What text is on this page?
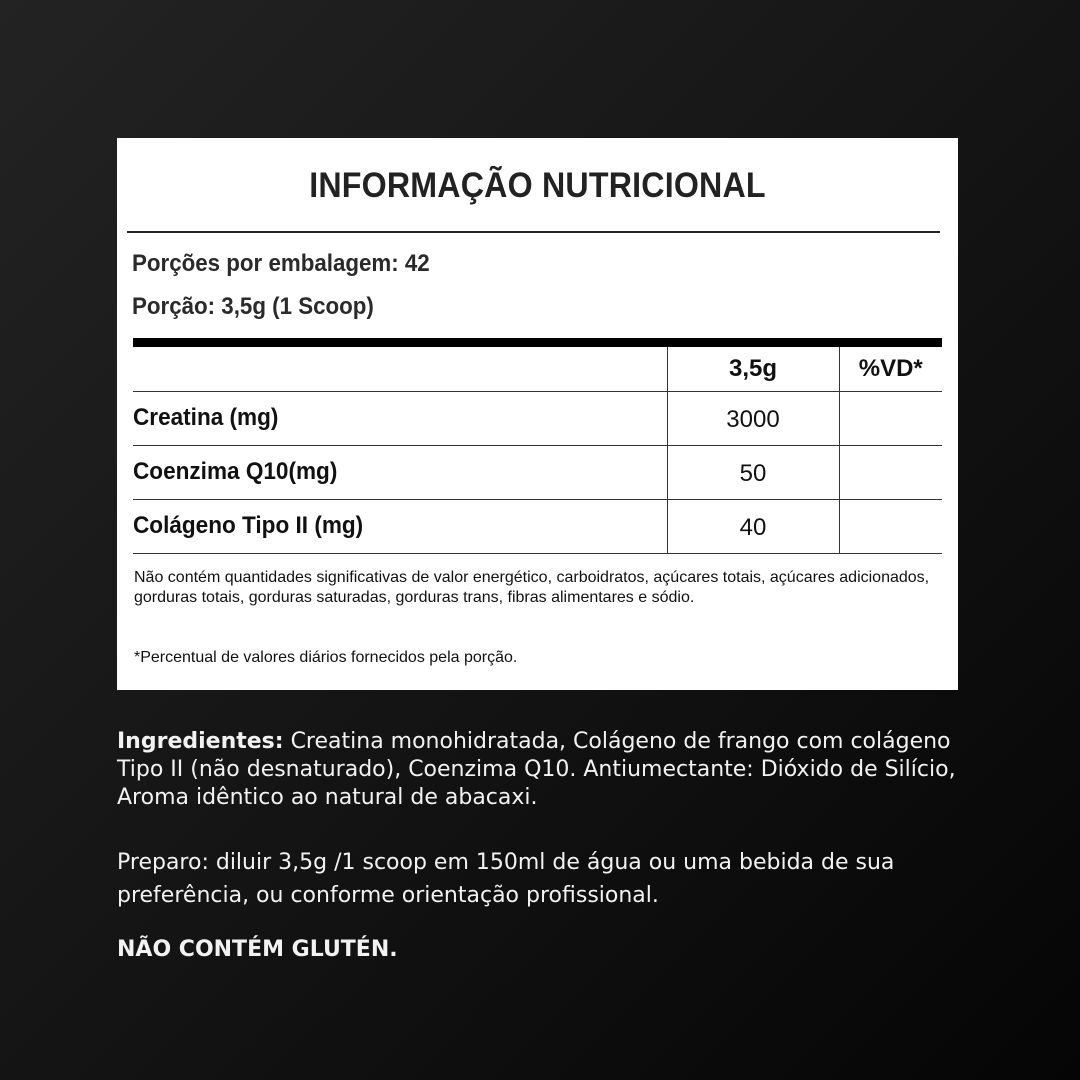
INFORMAÇÃO NUTRICIONAL
Porções por embalagem: 42
Porção: 3,5g (1 Scoop)
	3,5g	%VD*
Creatina (mg)	3000	
Coenzima Q10(mg)	50	
Colágeno Tipo II (mg)	40	
Não contém quantidades significativas de valor energético, carboidratos, açúcares totais, açúcares adicionados, gorduras totais, gorduras saturadas, gorduras trans, fibras alimentares e sódio.
*Percentual de valores diários fornecidos pela porção.
Ingredientes: Creatina monohidratada, Colágeno de frango com colágeno Tipo II (não desnaturado), Coenzima Q10. Antiumectante: Dióxido de Silício, Aroma idêntico ao natural de abacaxi.
Preparo: diluir 3,5g /1 scoop em 150ml de água ou uma bebida de sua preferência, ou conforme orientação profissional.
NÃO CONTÉM GLUTÉN.
